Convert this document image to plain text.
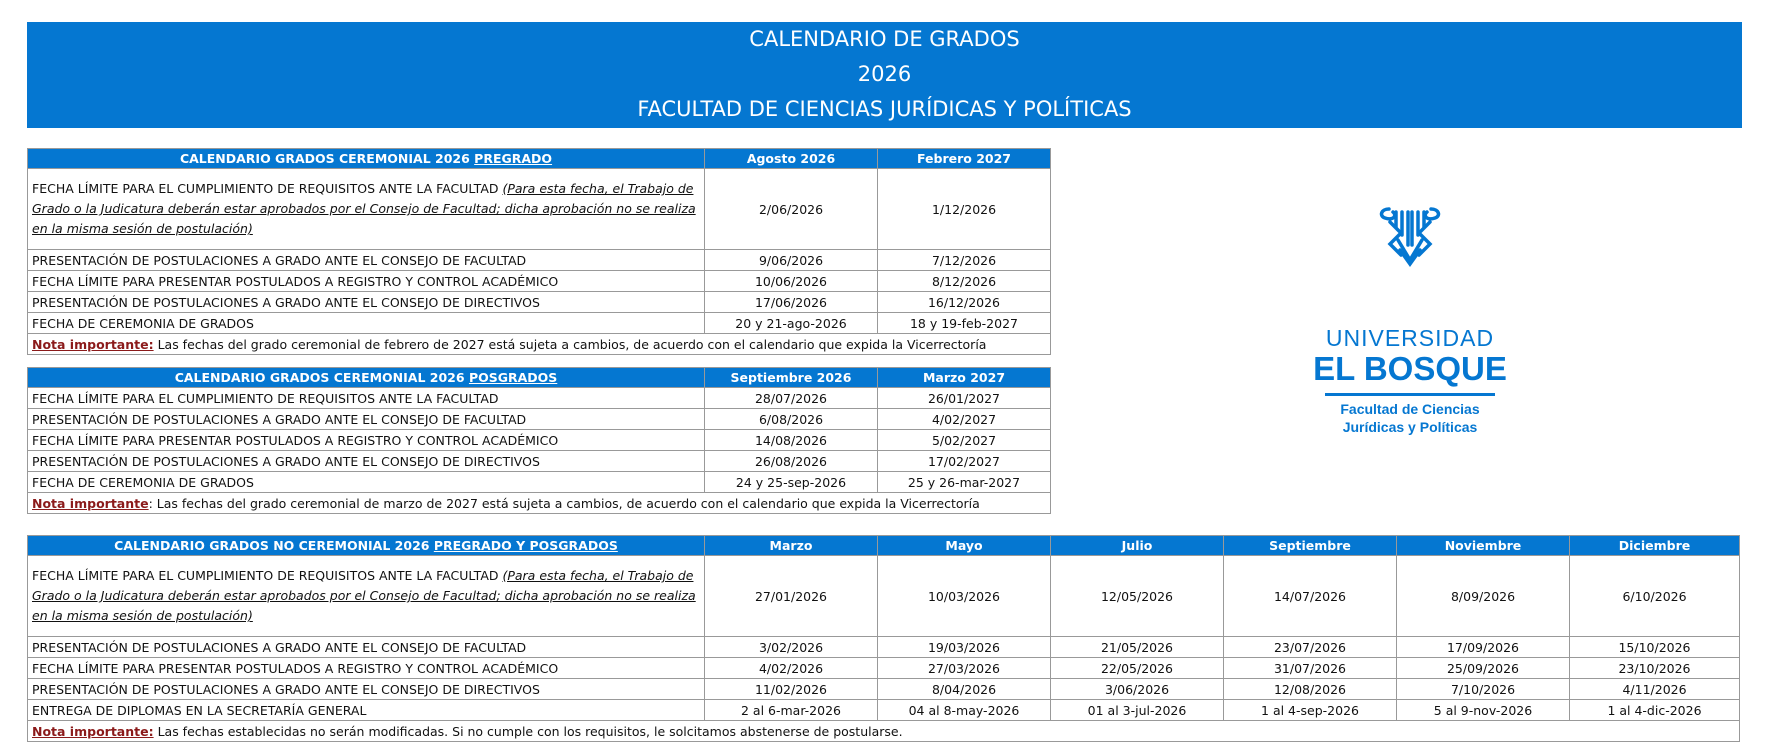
CALENDARIO DE GRADOS
2026
FACULTAD DE CIENCIAS JURÍDICAS Y POLÍTICAS
CALENDARIO GRADOS CEREMONIAL 2026 PREGRADO	Agosto 2026	Febrero 2027
FECHA LÍMITE PARA EL CUMPLIMIENTO DE REQUISITOS ANTE LA FACULTAD (Para esta fecha, el Trabajo de Grado o la Judicatura deberán estar aprobados por el Consejo de Facultad; dicha aprobación no se realiza en la misma sesión de postulación)	2/06/2026	1/12/2026
PRESENTACIÓN DE POSTULACIONES A GRADO ANTE EL CONSEJO DE FACULTAD	9/06/2026	7/12/2026
FECHA LÍMITE PARA PRESENTAR POSTULADOS A REGISTRO Y CONTROL ACADÉMICO	10/06/2026	8/12/2026
PRESENTACIÓN DE POSTULACIONES A GRADO ANTE EL CONSEJO DE DIRECTIVOS	17/06/2026	16/12/2026
FECHA DE CEREMONIA DE GRADOS	20 y 21-ago-2026	18 y 19-feb-2027
Nota importante: Las fechas del grado ceremonial de febrero de 2027 está sujeta a cambios, de acuerdo con el calendario que expida la Vicerrectoría		
CALENDARIO GRADOS CEREMONIAL 2026 POSGRADOS	Septiembre 2026	Marzo 2027
FECHA LÍMITE PARA EL CUMPLIMIENTO DE REQUISITOS ANTE LA FACULTAD	28/07/2026	26/01/2027
PRESENTACIÓN DE POSTULACIONES A GRADO ANTE EL CONSEJO DE FACULTAD	6/08/2026	4/02/2027
FECHA LÍMITE PARA PRESENTAR POSTULADOS A REGISTRO Y CONTROL ACADÉMICO	14/08/2026	5/02/2027
PRESENTACIÓN DE POSTULACIONES A GRADO ANTE EL CONSEJO DE DIRECTIVOS	26/08/2026	17/02/2027
FECHA DE CEREMONIA DE GRADOS	24 y 25-sep-2026	25 y 26-mar-2027
Nota importante: Las fechas del grado ceremonial de marzo de 2027 está sujeta a cambios, de acuerdo con el calendario que expida la Vicerrectoría		
CALENDARIO GRADOS NO CEREMONIAL 2026 PREGRADO Y POSGRADOS	Marzo	Mayo	Julio	Septiembre	Noviembre	Diciembre
FECHA LÍMITE PARA EL CUMPLIMIENTO DE REQUISITOS ANTE LA FACULTAD (Para esta fecha, el Trabajo de Grado o la Judicatura deberán estar aprobados por el Consejo de Facultad; dicha aprobación no se realiza en la misma sesión de postulación)	27/01/2026	10/03/2026	12/05/2026	14/07/2026	8/09/2026	6/10/2026
PRESENTACIÓN DE POSTULACIONES A GRADO ANTE EL CONSEJO DE FACULTAD	3/02/2026	19/03/2026	21/05/2026	23/07/2026	17/09/2026	15/10/2026
FECHA LÍMITE PARA PRESENTAR POSTULADOS A REGISTRO Y CONTROL ACADÉMICO	4/02/2026	27/03/2026	22/05/2026	31/07/2026	25/09/2026	23/10/2026
PRESENTACIÓN DE POSTULACIONES A GRADO ANTE EL CONSEJO DE DIRECTIVOS	11/02/2026	8/04/2026	3/06/2026	12/08/2026	7/10/2026	4/11/2026
ENTREGA DE DIPLOMAS EN LA SECRETARÍA GENERAL	2 al 6-mar-2026	04 al 8-may-2026	01 al 3-jul-2026	1 al 4-sep-2026	5 al 9-nov-2026	1 al 4-dic-2026
Nota importante: Las fechas establecidas no serán modificadas. Si no cumple con los requisitos, le solcitamos abstenerse de postularse.						
UNIVERSIDAD
EL BOSQUE
Facultad de Ciencias
Jurídicas y Políticas
